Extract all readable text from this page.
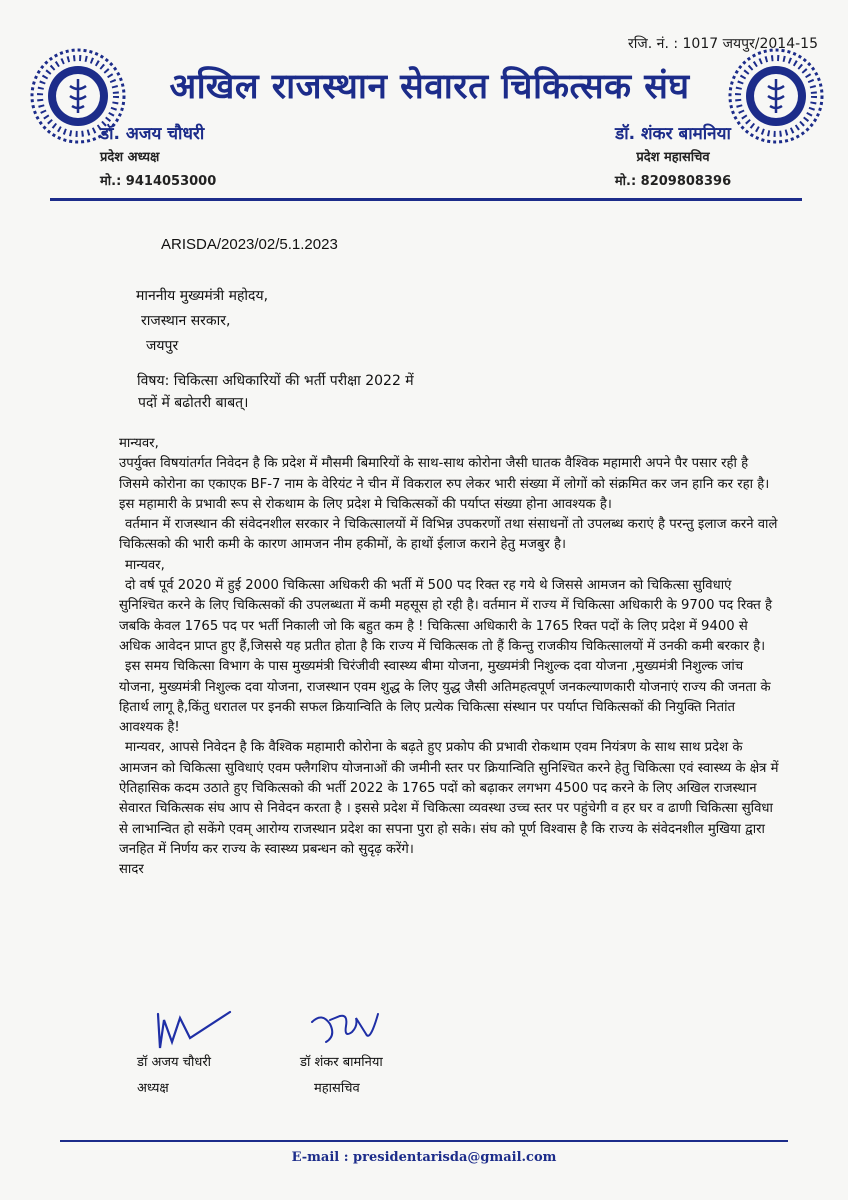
रजि. नं. : 1017 जयपुर/2014-15
अखिल राजस्थान सेवारत चिकित्सक संघ
डॉ. अजय चौधरी
प्रदेश अध्यक्ष
मो.: 9414053000
डॉ. शंकर बामनिया
प्रदेश महासचिव
मो.: 8209808396
ARISDA/2023/02/5.1.2023
माननीय मुख्यमंत्री महोदय,
राजस्थान सरकार,
जयपुर
विषय: चिकित्सा अधिकारियों की भर्ती परीक्षा 2022 में
पदों में बढोतरी बाबत्।

मान्यवर,

उपर्युक्त विषयांतर्गत निवेदन है कि प्रदेश में मौसमी बिमारियों के साथ-साथ कोरोना जैसी घातक वैश्विक महामारी अपने पैर पसार रही है जिसमे कोरोना का एकाएक BF-7 नाम के वेरियंट ने चीन में विकराल रुप लेकर भारी संख्या में लोगों को संक्रमित कर जन हानि कर रहा है। इस महामारी के प्रभावी रूप से रोकथाम के लिए प्रदेश मे चिकित्सकों की पर्याप्त संख्या होना आवश्यक है।

वर्तमान में राजस्थान की संवेदनशील सरकार ने चिकित्सालयों में विभिन्न उपकरणों तथा संसाधनों तो उपलब्ध कराएं है परन्तु इलाज करने वाले चिकित्सको की भारी कमी के कारण आमजन नीम हकीमों, के हाथों ईलाज कराने हेतु मजबुर है।

मान्यवर,

दो वर्ष पूर्व 2020 में हुई 2000 चिकित्सा अधिकरी की भर्ती में 500 पद रिक्त रह गये थे जिससे आमजन को चिकित्सा सुविधाएं सुनिश्चित करने के लिए चिकित्सकों की उपलब्धता में कमी महसूस हो रही है। वर्तमान में राज्य में चिकित्सा अधिकारी के 9700 पद रिक्त है जबकि केवल 1765 पद पर भर्ती निकाली जो कि बहुत कम है ! चिकित्सा अधिकारी के 1765 रिक्त पदों के लिए प्रदेश में 9400 से अधिक आवेदन प्राप्त हुए हैं,जिससे यह प्रतीत होता है कि राज्य में चिकित्सक तो हैं किन्तु राजकीय चिकित्सालयों में उनकी कमी बरकार है।

इस समय चिकित्सा विभाग के पास मुख्यमंत्री चिरंजीवी स्वास्थ्य बीमा योजना, मुख्यमंत्री निशुल्क दवा योजना ,मुख्यमंत्री निशुल्क जांच योजना, मुख्यमंत्री निशुल्क दवा योजना, राजस्थान एवम शुद्ध के लिए युद्ध जैसी अतिमहत्वपूर्ण जनकल्याणकारी योजनाएं राज्य की जनता के हितार्थ लागू है,किंतु धरातल पर इनकी सफल क्रियान्विति के लिए प्रत्येक चिकित्सा संस्थान पर पर्याप्त चिकित्सकों की नियुक्ति नितांत आवश्यक है!

मान्यवर, आपसे निवेदन है कि वैश्विक महामारी कोरोना के बढ़ते हुए प्रकोप की प्रभावी रोकथाम एवम नियंत्रण के साथ साथ प्रदेश के आमजन को चिकित्सा सुविधाएं एवम फ्लैगशिप योजनाओं की जमीनी स्तर पर क्रियान्विति सुनिश्चित करने हेतु चिकित्सा एवं स्वास्थ्य के क्षेत्र में ऐतिहासिक कदम उठाते हुए चिकित्सको की भर्ती 2022 के 1765 पदों को बढ़ाकर लगभग 4500 पद करने के लिए अखिल राजस्थान सेवारत चिकित्सक संघ आप से निवेदन करता है । इससे प्रदेश में चिकित्सा व्यवस्था उच्च स्तर पर पहुंचेगी व हर घर व ढाणी चिकित्सा सुविधा से लाभान्वित हो सकेंगे एवम् आरोग्य राजस्थान प्रदेश का सपना पुरा हो सके। संघ को पूर्ण विश्वास है कि राज्य के संवेदनशील मुखिया द्वारा जनहित में निर्णय कर राज्य के स्वास्थ्य प्रबन्धन को सुदृढ़ करेंगे।

सादर

डॉ अजय चौधरी
अध्यक्ष
डॉ शंकर बामनिया
महासचिव
E-mail : presidentarisda@gmail.com
